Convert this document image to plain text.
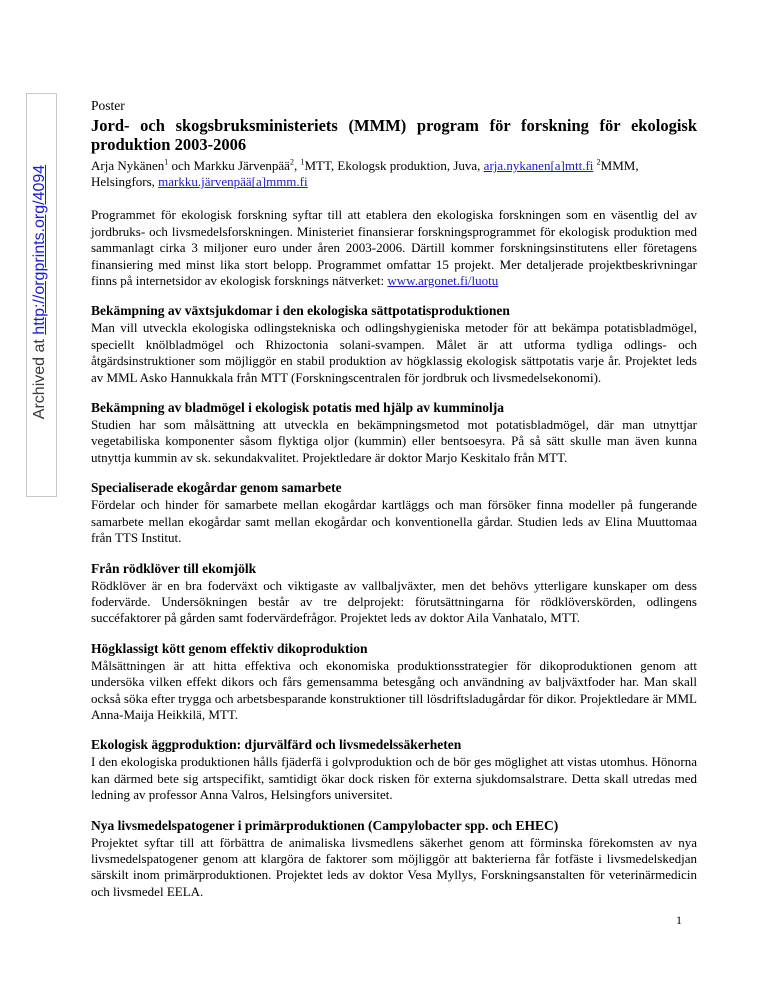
Archived at http://orgprints.org/4094
Poster
Jord- och skogsbruksministeriets (MMM) program för forskning för ekologisk produktion 2003-2006
Arja Nykänen$^1$ och Markku Järvenpää$^2$, $^1$MTT, Ekologsk produktion, Juva, arja.nykanen[a]mtt.fi $^2$MMM, Helsingfors, markku.järvenpää[a]mmm.fi

Programmet för ekologisk forskning syftar till att etablera den ekologiska forskningen som en väsentlig del av jordbruks- och livsmedelsforskningen. Ministeriet finansierar forskningsprogrammet för ekologisk produktion med sammanlagt cirka 3 miljoner euro under åren 2003-2006. Därtill kommer forskningsinstitutens eller företagens finansiering med minst lika stort belopp. Programmet omfattar 15 projekt. Mer detaljerade projektbeskrivningar finns på internetsidor av ekologisk forsknings nätverket: www.argonet.fi/luotu

Bekämpning av växtsjukdomar i den ekologiska sättpotatisproduktionen

Man vill utveckla ekologiska odlingstekniska och odlingshygieniska metoder för att bekämpa potatisbladmögel, speciellt knölbladmögel och Rhizoctonia solani-svampen. Målet är att utforma tydliga odlings- och åtgärdsinstruktioner som möjliggör en stabil produktion av högklassig ekologisk sättpotatis varje år. Projektet leds av MML Asko Hannukkala från MTT (Forskningscentralen för jordbruk och livsmedelsekonomi).

Bekämpning av bladmögel i ekologisk potatis med hjälp av kumminolja

Studien har som målsättning att utveckla en bekämpningsmetod mot potatisbladmögel, där man utnyttjar vegetabiliska komponenter såsom flyktiga oljor (kummin) eller bentsoesyra. På så sätt skulle man även kunna utnyttja kummin av sk. sekundakvalitet. Projektledare är doktor Marjo Keskitalo från MTT.

Specialiserade ekogårdar genom samarbete

Fördelar och hinder för samarbete mellan ekogårdar kartläggs och man försöker finna modeller på fungerande samarbete mellan ekogårdar samt mellan ekogårdar och konventionella gårdar. Studien leds av Elina Muuttomaa från TTS Institut.

Från rödklöver till ekomjölk

Rödklöver är en bra foderväxt och viktigaste av vallbaljväxter, men det behövs ytterligare kunskaper om dess fodervärde. Undersökningen består av tre delprojekt: förutsättningarna för rödklöverskörden, odlingens succéfaktorer på gården samt fodervärdefrågor. Projektet leds av doktor Aila Vanhatalo, MTT.

Högklassigt kött genom effektiv dikoproduktion

Målsättningen är att hitta effektiva och ekonomiska produktionsstrategier för dikoproduktionen genom att undersöka vilken effekt dikors och fårs gemensamma betesgång och användning av baljväxtfoder har. Man skall också söka efter trygga och arbetsbesparande konstruktioner till lösdriftsladugårdar för dikor. Projektledare är MML Anna-Maija Heikkilä, MTT.

Ekologisk äggproduktion: djurvälfärd och livsmedelssäkerheten

I den ekologiska produktionen hålls fjäderfä i golvproduktion och de bör ges möglighet att vistas utomhus. Hönorna kan därmed bete sig artspecifikt, samtidigt ökar dock risken för externa sjukdomsalstrare. Detta skall utredas med ledning av professor Anna Valros, Helsingfors universitet.

Nya livsmedelspatogener i primärproduktionen (Campylobacter spp. och EHEC)

Projektet syftar till att förbättra de animaliska livsmedlens säkerhet genom att förminska förekomsten av nya livsmedelspatogener genom att klargöra de faktorer som möjliggör att bakterierna får fotfäste i livsmedelskedjan särskilt inom primärproduktionen. Projektet leds av doktor Vesa Myllys, Forskningsanstalten för veterinärmedicin och livsmedel EELA.

1
